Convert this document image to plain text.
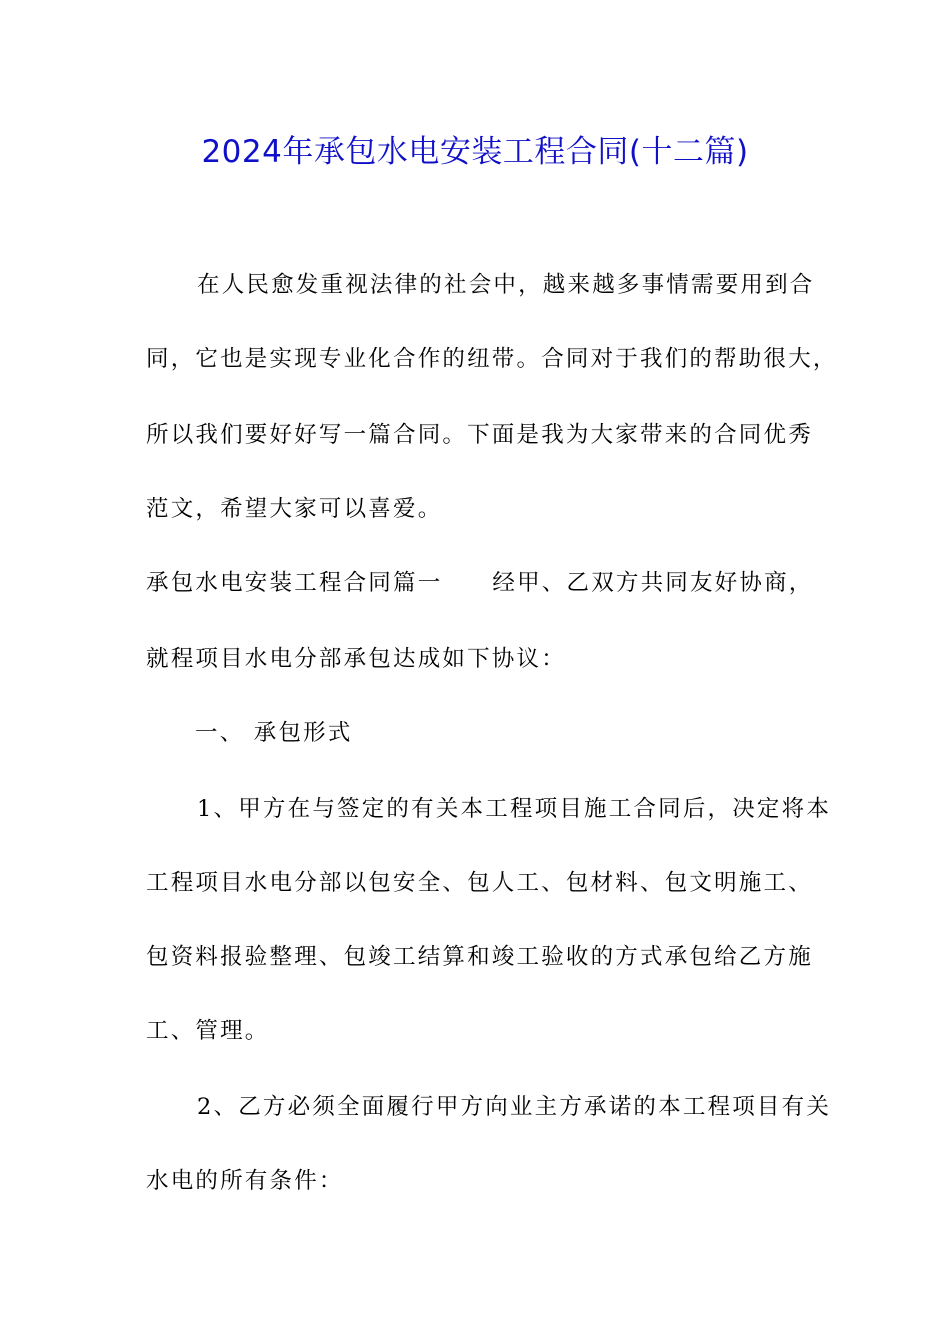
2024年承包水电安装工程合同(十二篇)
在人民愈发重视法律的社会中，越来越多事情需要用到合
同，它也是实现专业化合作的纽带。合同对于我们的帮助很大，
所以我们要好好写一篇合同。下面是我为大家带来的合同优秀
范文，希望大家可以喜爱。
承包水电安装工程合同篇一 经甲、乙双方共同友好协商，
就程项目水电分部承包达成如下协议：
一、 承包形式
1、甲方在与签定的有关本工程项目施工合同后，决定将本
工程项目水电分部以包安全、包人工、包材料、包文明施工、
包资料报验整理、包竣工结算和竣工验收的方式承包给乙方施
工、管理。
2、乙方必须全面履行甲方向业主方承诺的本工程项目有关
水电的所有条件：
